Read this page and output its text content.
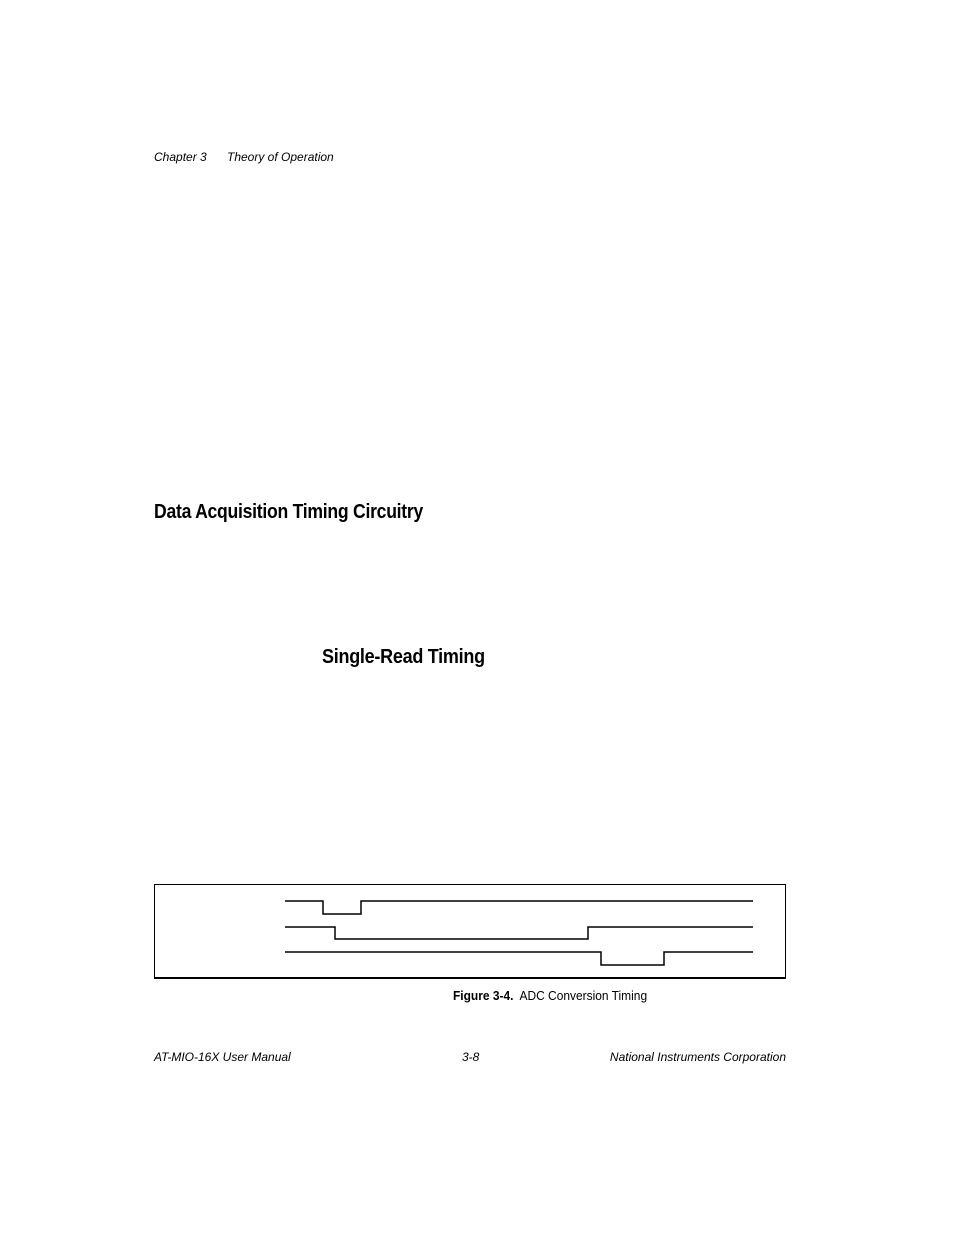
Chapter 3 Theory of Operation
Data Acquisition Timing Circuitry
Single-Read Timing
Figure 3-4. ADC Conversion Timing
AT-MIO-16X User Manual	3-8	National Instruments Corporation
